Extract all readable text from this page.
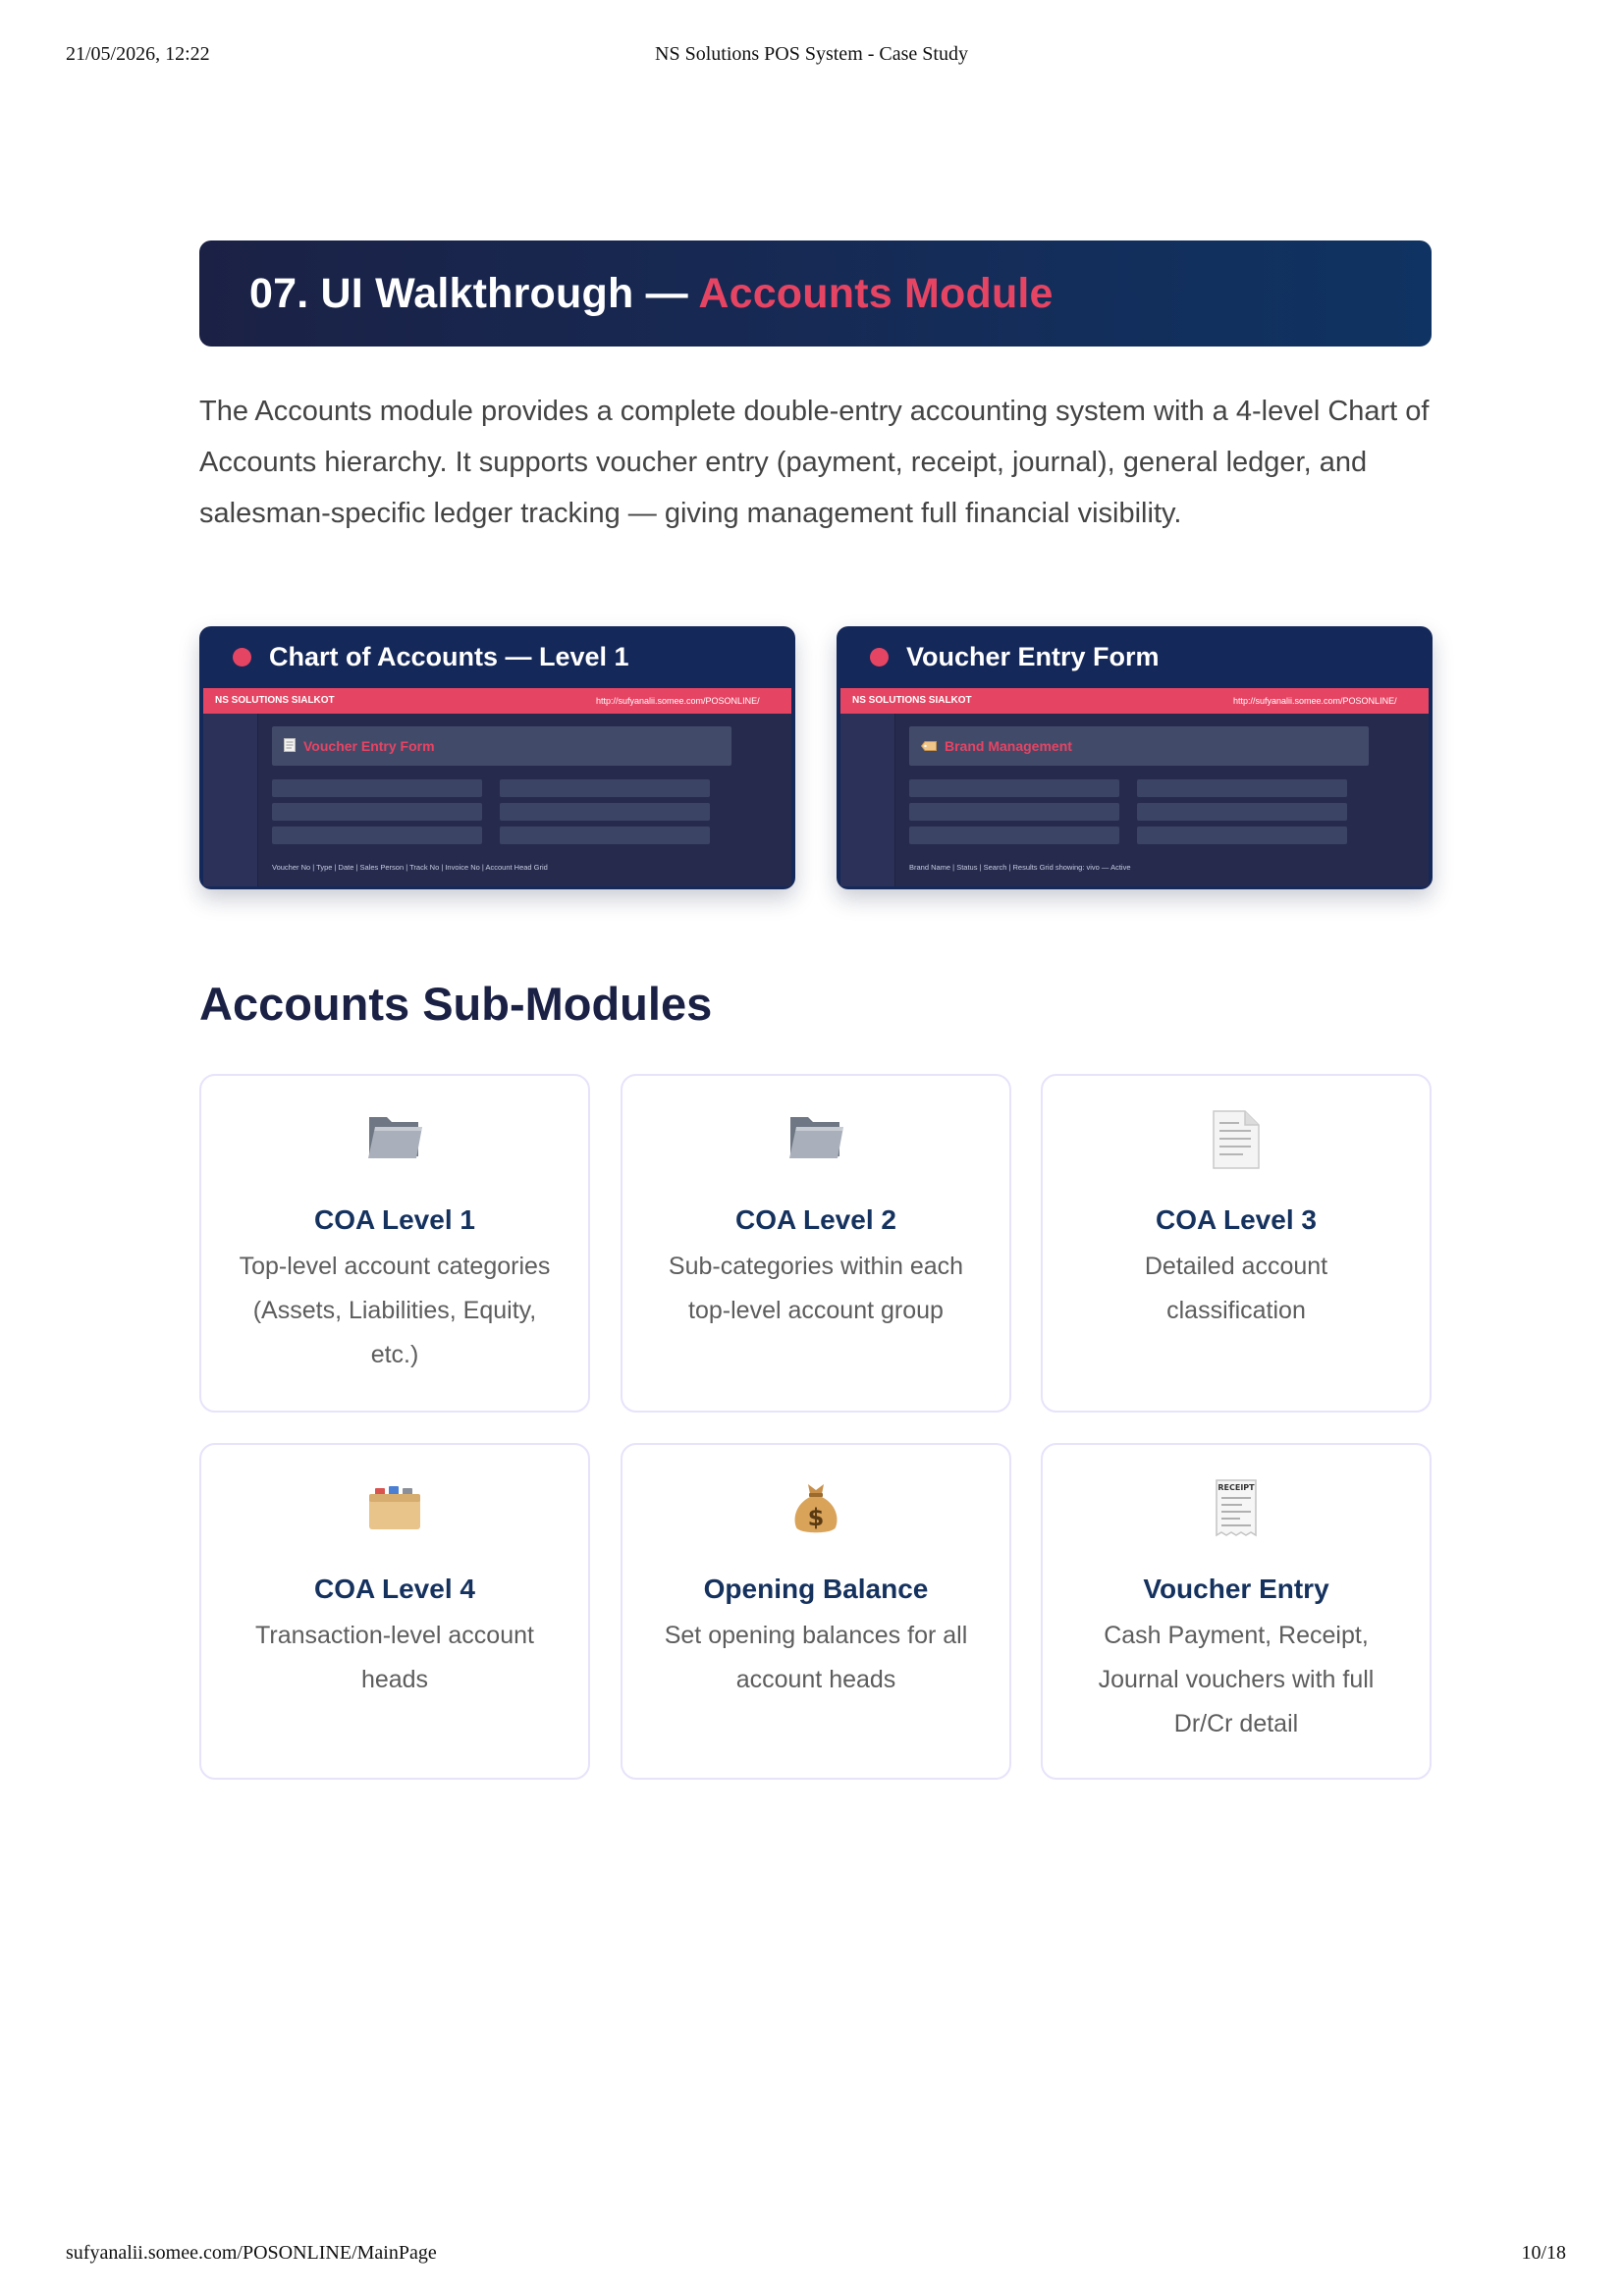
21/05/2026, 12:22	NS Solutions POS System - Case Study
07. UI Walkthrough — Accounts Module

The Accounts module provides a complete double-entry accounting system with a 4-level Chart of Accounts hierarchy. It supports voucher entry (payment, receipt, journal), general ledger, and salesman-specific ledger tracking — giving management full financial visibility.

Chart of Accounts — Level 1
NS SOLUTIONS SIALKOT	http://sufyanalii.somee.com/POSONLINE/
Voucher Entry Form
Voucher No | Type | Date | Sales Person | Track No | Invoice No | Account Head Grid
Voucher Entry Form
NS SOLUTIONS SIALKOT	http://sufyanalii.somee.com/POSONLINE/
Brand Management
Brand Name | Status | Search | Results Grid showing: vivo — Active
Accounts Sub-Modules
COA Level 1

Top-level account categories (Assets, Liabilities, Equity, etc.)

COA Level 2

Sub-categories within each top-level account group

COA Level 3

Detailed account classification

COA Level 4

Transaction-level account heads

$
Opening Balance

Set opening balances for all account heads

RECEIPT
Voucher Entry

Cash Payment, Receipt, Journal vouchers with full Dr/Cr detail

sufyanalii.somee.com/POSONLINE/MainPage	10/18
